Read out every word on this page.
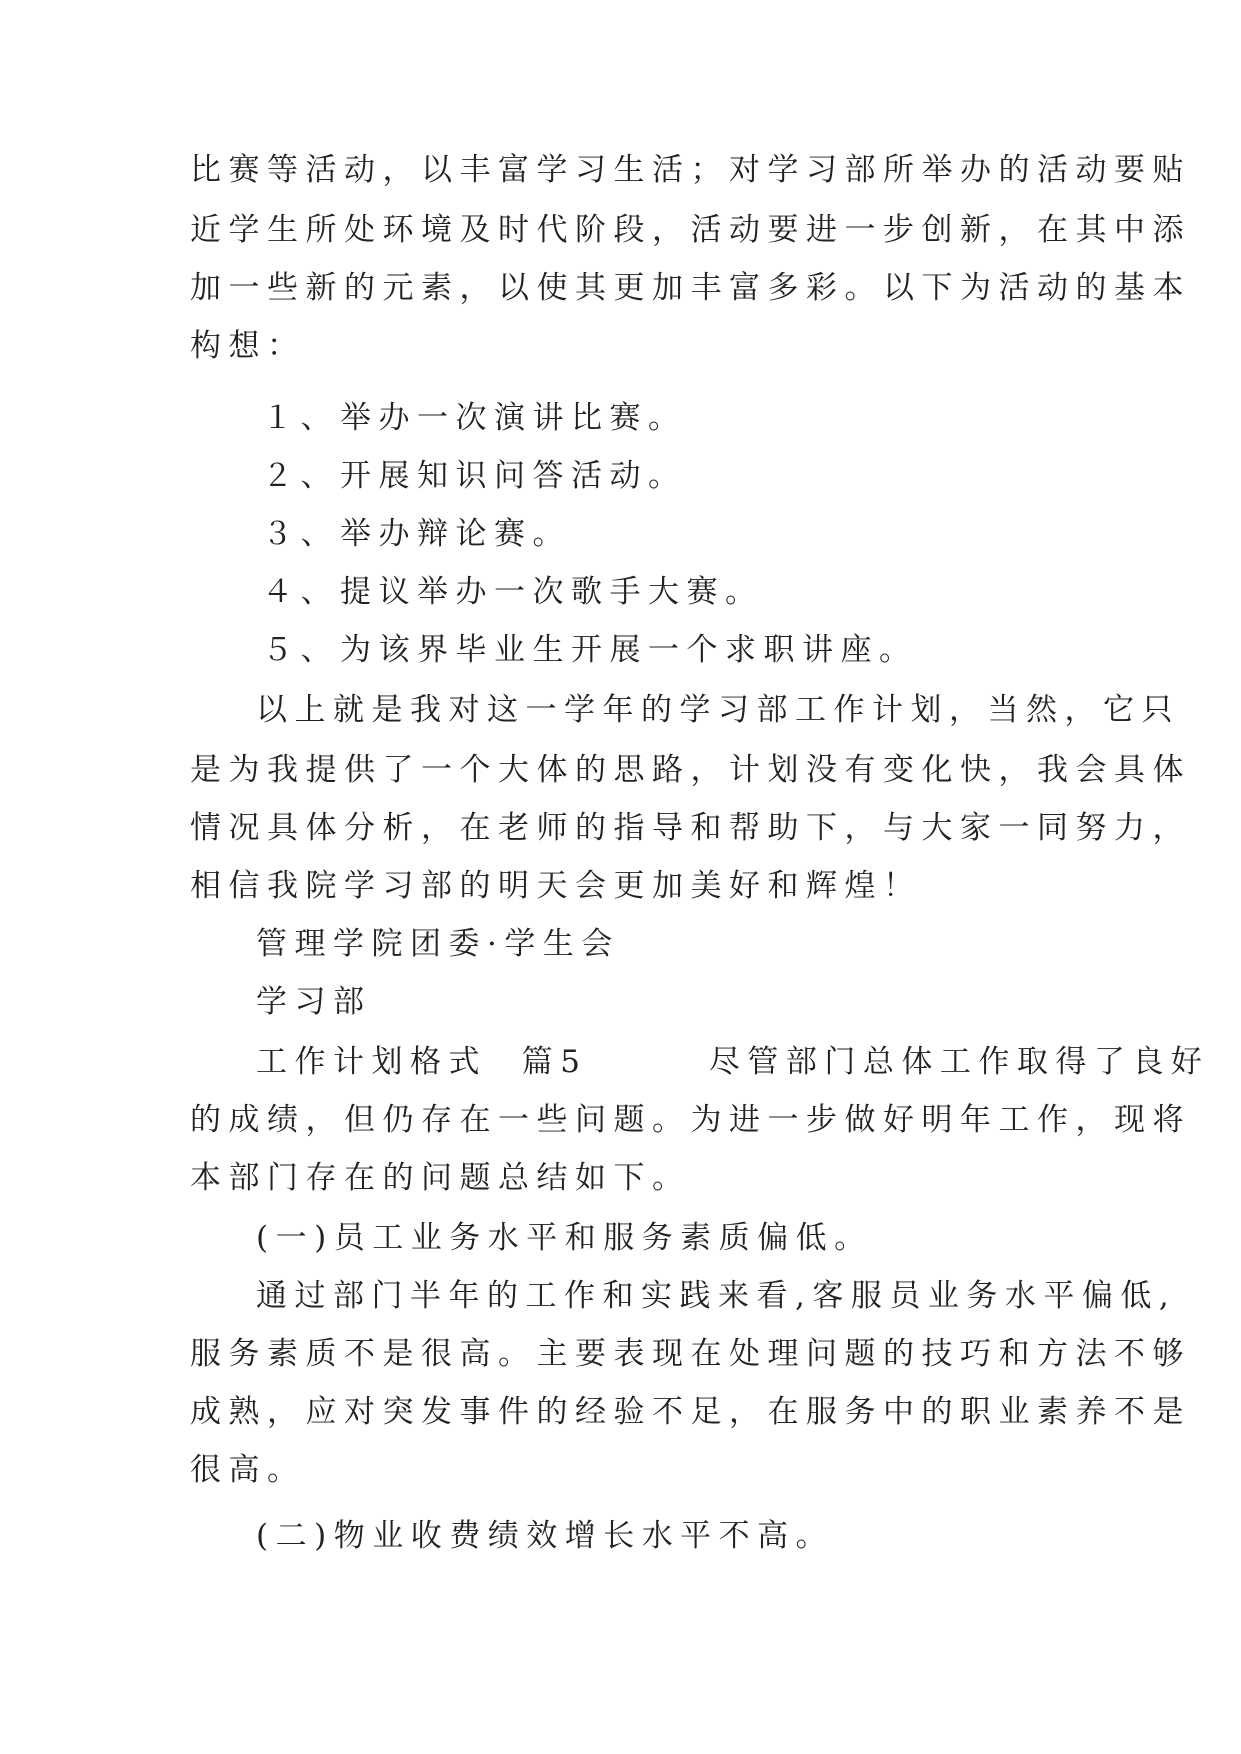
比赛等活动，以丰富学习生活；对学习部所举办的活动要贴
近学生所处环境及时代阶段，活动要进一步创新，在其中添
加一些新的元素，以使其更加丰富多彩。以下为活动的基本
构想：
１、 举办一次演讲比赛。
２、 开展知识问答活动。
３、 举办辩论赛。
４、 提议举办一次歌手大赛。
５、 为该界毕业生开展一个求职讲座。
以上就是我对这一学年的学习部工作计划，当然，它只
是为我提供了一个大体的思路，计划没有变化快，我会具体
情况具体分析，在老师的指导和帮助下，与大家一同努力，
相信我院学习部的明天会更加美好和辉煌！
管理学院团委·学生会
学习部
工作计划格式  篇5       尽管部门总体工作取得了良好
的成绩，但仍存在一些问题。为进一步做好明年工作，现将
本部门存在的问题总结如下。
(一)员工业务水平和服务素质偏低。
通过部门半年的工作和实践来看,客服员业务水平偏低,
服务素质不是很高。主要表现在处理问题的技巧和方法不够
成熟，应对突发事件的经验不足，在服务中的职业素养不是
很高。
(二)物业收费绩效增长水平不高。
